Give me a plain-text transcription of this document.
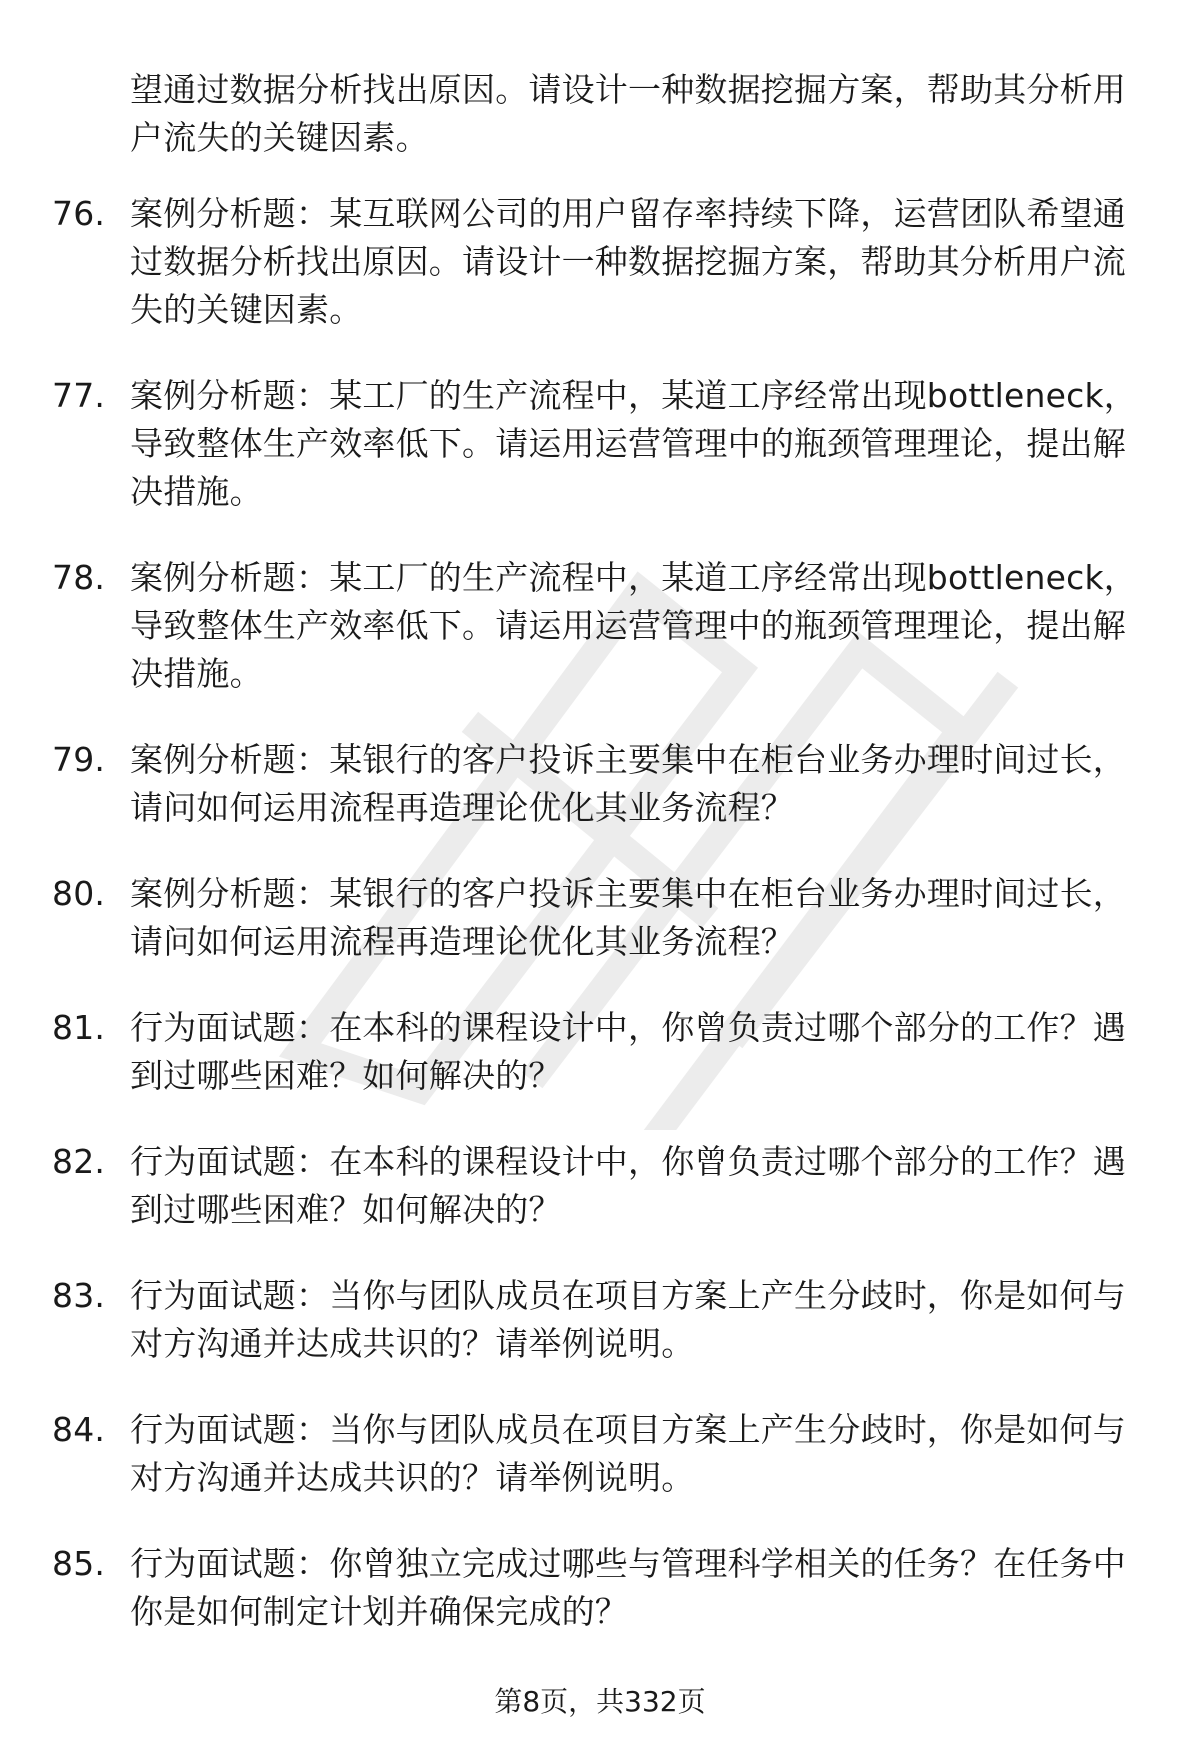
望通过数据分析找出原因。请设计一种数据挖掘方案，帮助其分析用户流失的关键因素。
76. 案例分析题：某互联网公司的用户留存率持续下降，运营团队希望通过数据分析找出原因。请设计一种数据挖掘方案，帮助其分析用户流失的关键因素。
77. 案例分析题：某工厂的生产流程中，某道工序经常出现bottleneck，导致整体生产效率低下。请运用运营管理中的瓶颈管理理论，提出解决措施。
78. 案例分析题：某工厂的生产流程中，某道工序经常出现bottleneck，导致整体生产效率低下。请运用运营管理中的瓶颈管理理论，提出解决措施。
79. 案例分析题：某银行的客户投诉主要集中在柜台业务办理时间过长，请问如何运用流程再造理论优化其业务流程？
80. 案例分析题：某银行的客户投诉主要集中在柜台业务办理时间过长，请问如何运用流程再造理论优化其业务流程？
81. 行为面试题：在本科的课程设计中，你曾负责过哪个部分的工作？遇到过哪些困难？如何解决的？
82. 行为面试题：在本科的课程设计中，你曾负责过哪个部分的工作？遇到过哪些困难？如何解决的？
83. 行为面试题：当你与团队成员在项目方案上产生分歧时，你是如何与对方沟通并达成共识的？请举例说明。
84. 行为面试题：当你与团队成员在项目方案上产生分歧时，你是如何与对方沟通并达成共识的？请举例说明。
85. 行为面试题：你曾独立完成过哪些与管理科学相关的任务？在任务中你是如何制定计划并确保完成的？
第8页，共332页
